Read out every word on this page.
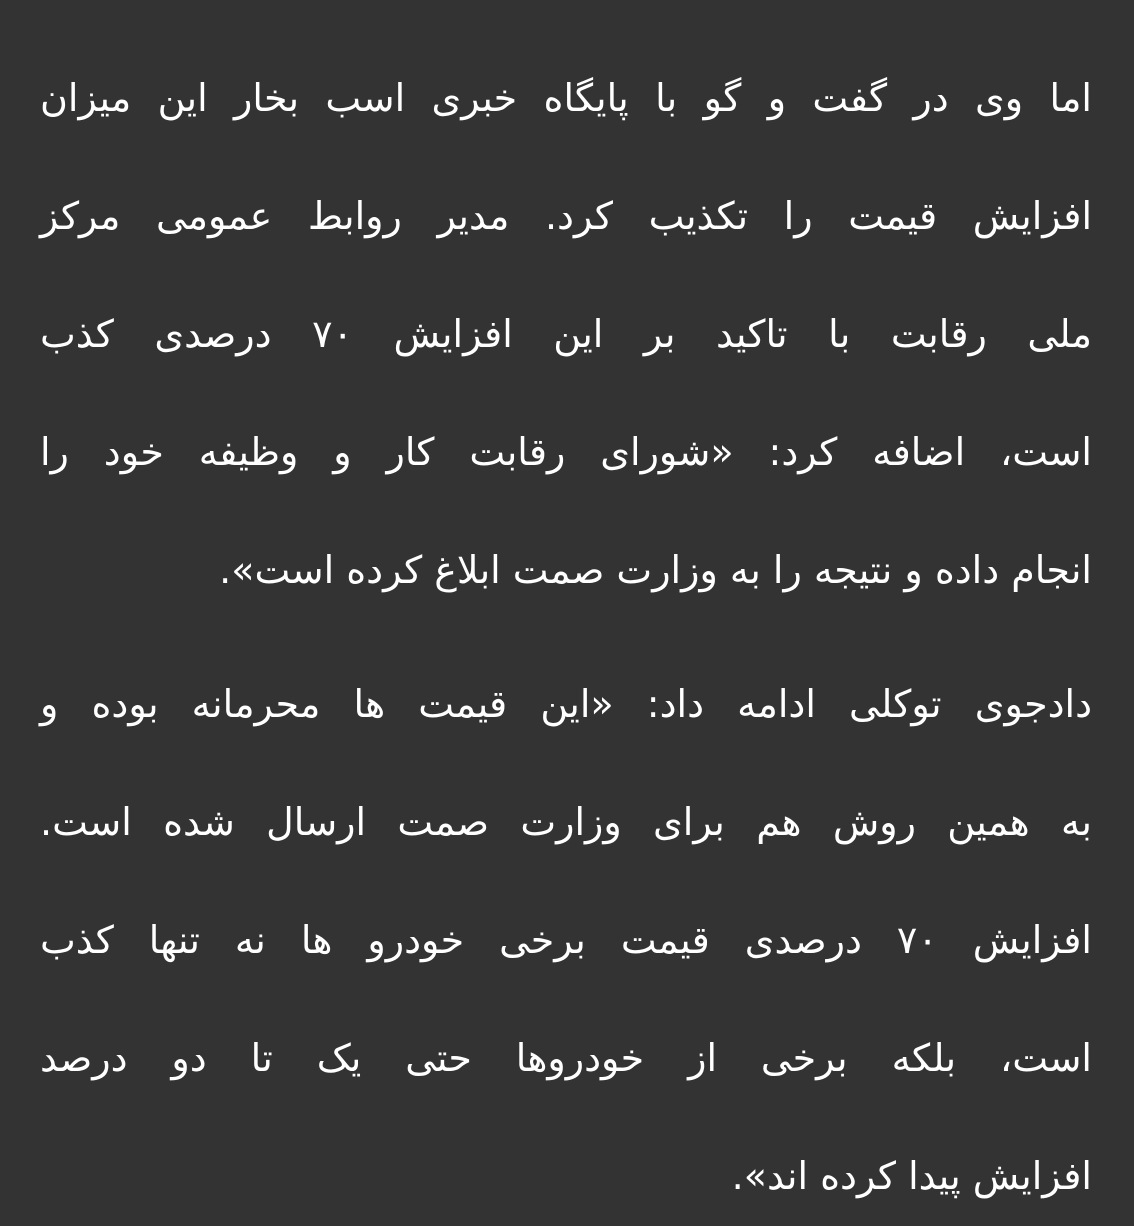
اما وی در گفت و گو با پایگاه خبری اسب بخار این میزان
افزایش قیمت را تکذیب کرد. مدیر روابط عمومی مرکز
ملی رقابت با تاکید بر این افزایش ۷۰ درصدی کذب
است، اضافه کرد: «شورای رقابت کار و وظیفه خود را
انجام داده و نتیجه را به وزارت صمت ابلاغ کرده است».
دادجوی توکلی ادامه داد: «این قیمت ها محرمانه بوده و
به همین روش هم برای وزارت صمت ارسال شده است.
افزایش ۷۰ درصدی قیمت برخی خودرو ها نه تنها کذب
است، بلکه برخی از خودروها حتی یک تا دو درصد
افزایش پیدا کرده اند».
